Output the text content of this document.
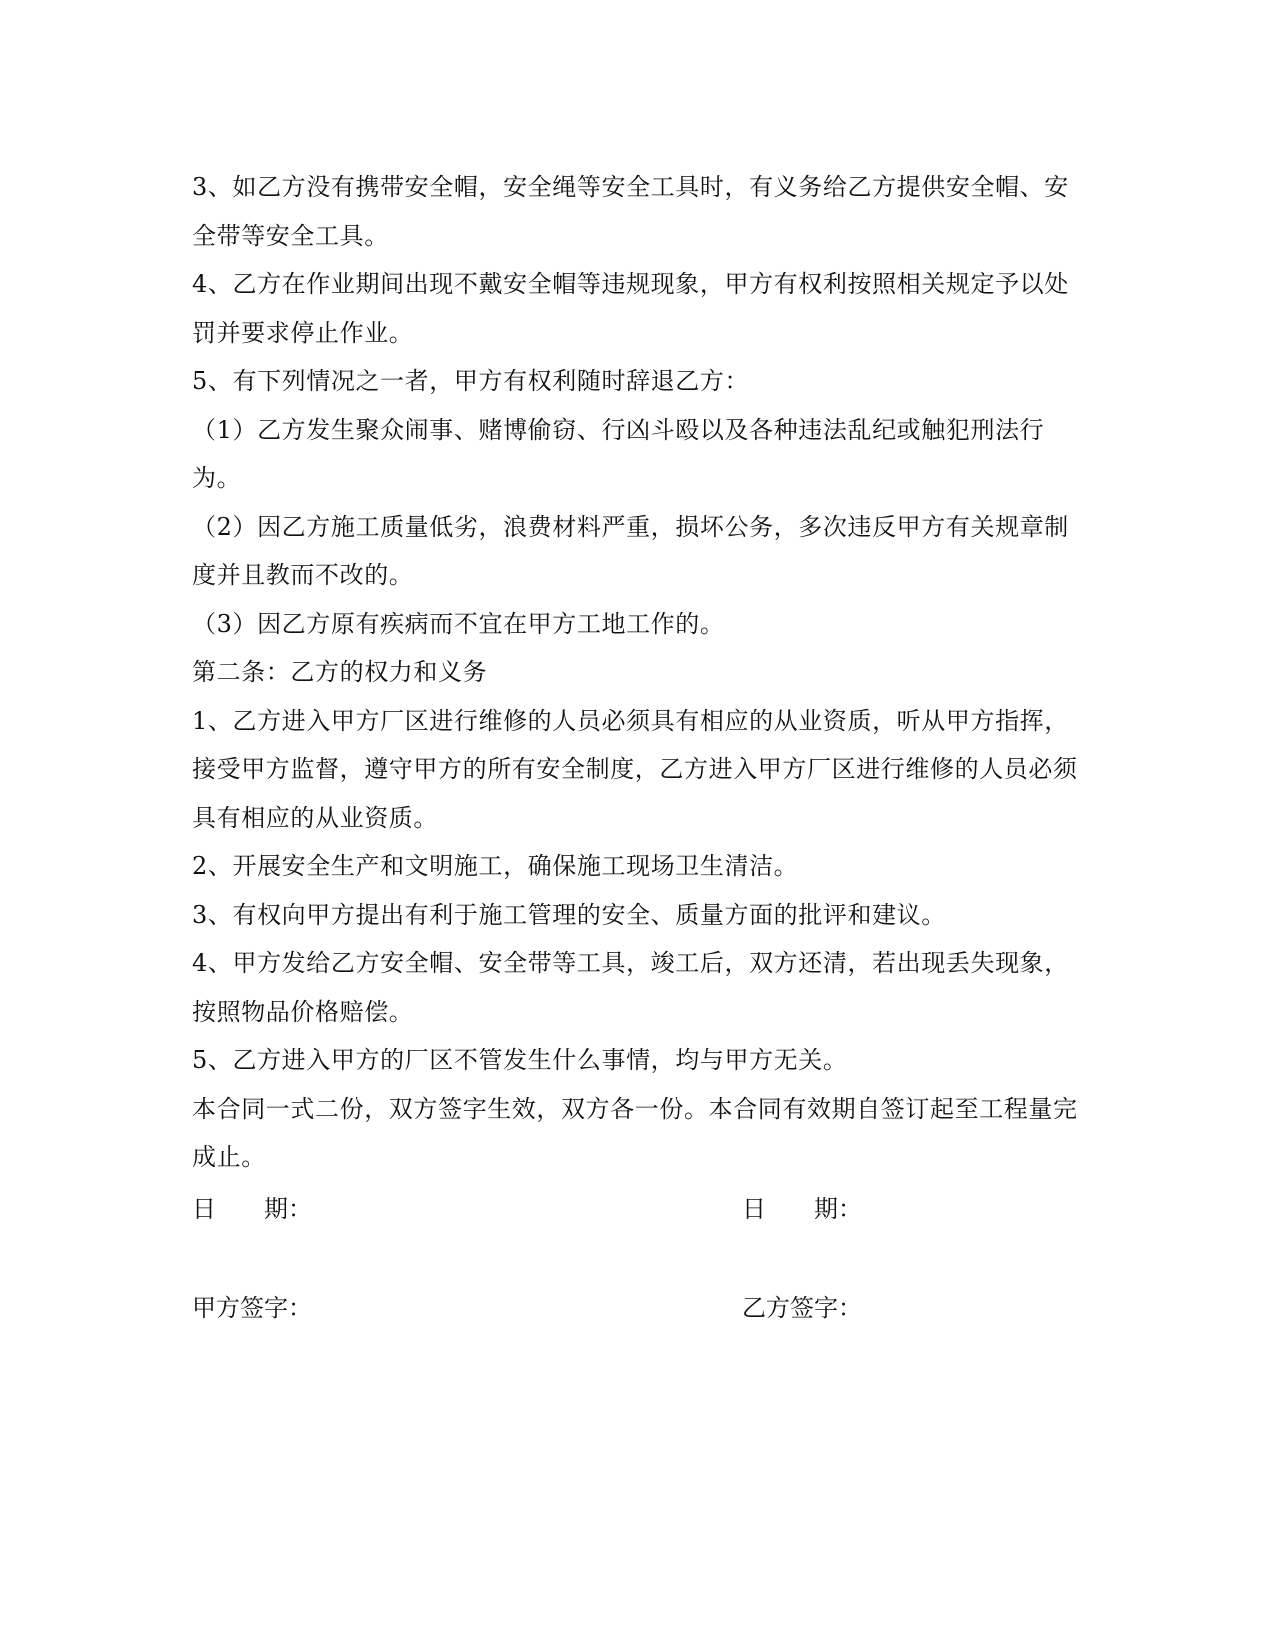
3、如乙方没有携带安全帽，安全绳等安全工具时，有义务给乙方提供安全帽、安全带等安全工具。

4、乙方在作业期间出现不戴安全帽等违规现象，甲方有权利按照相关规定予以处罚并要求停止作业。

5、有下列情况之一者，甲方有权利随时辞退乙方：

（1）乙方发生聚众闹事、赌博偷窃、行凶斗殴以及各种违法乱纪或触犯刑法行为。

（2）因乙方施工质量低劣，浪费材料严重，损坏公务，多次违反甲方有关规章制度并且教而不改的。

（3）因乙方原有疾病而不宜在甲方工地工作的。

第二条：乙方的权力和义务

1、乙方进入甲方厂区进行维修的人员必须具有相应的从业资质，听从甲方指挥，接受甲方监督，遵守甲方的所有安全制度，乙方进入甲方厂区进行维修的人员必须具有相应的从业资质。

2、开展安全生产和文明施工，确保施工现场卫生清洁。

3、有权向甲方提出有利于施工管理的安全、质量方面的批评和建议。

4、甲方发给乙方安全帽、安全带等工具，竣工后，双方还清，若出现丢失现象，按照物品价格赔偿。

5、乙方进入甲方的厂区不管发生什么事情，均与甲方无关。

本合同一式二份，双方签字生效，双方各一份。本合同有效期自签订起至工程量完成止。

日　　期：	日　　期：
甲方签字：	乙方签字：
